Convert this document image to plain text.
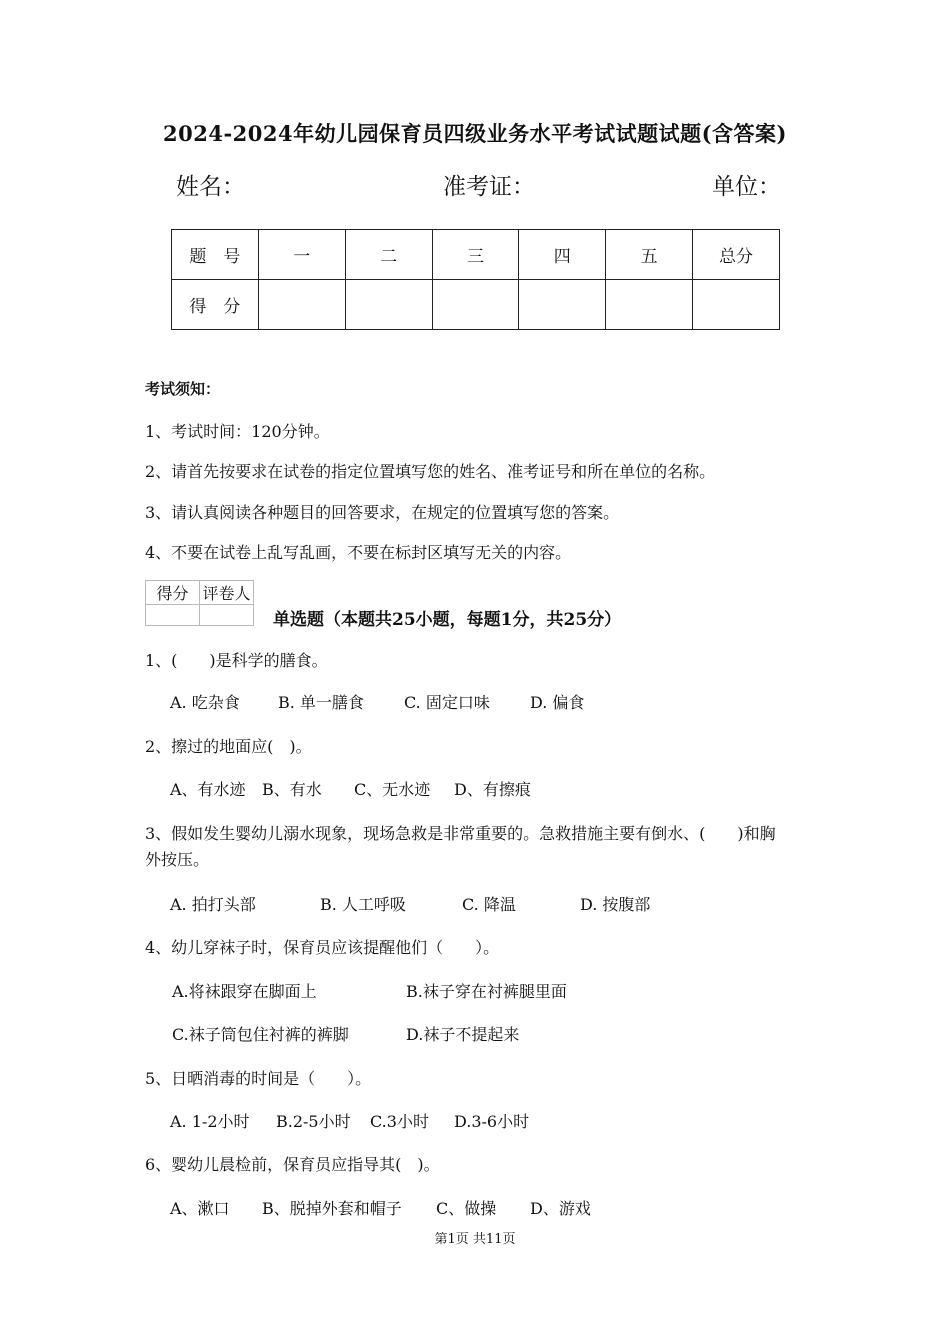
2024-2024年幼儿园保育员四级业务水平考试试题试题(含答案)
姓名：	准考证：	单位：
题　号	一	二	三	四	五	总分
得　分						
考试须知：
1、考试时间：120分钟。
2、请首先按要求在试卷的指定位置填写您的姓名、准考证号和所在单位的名称。
3、请认真阅读各种题目的回答要求，在规定的位置填写您的答案。
4、不要在试卷上乱写乱画，不要在标封区填写无关的内容。
得分	评卷人

单选题（本题共25小题，每题1分，共25分）
1、(　　)是科学的膳食。
A. 吃杂食 B. 单一膳食	C. 固定口味	D. 偏食
2、擦过的地面应(　)。
A、有水迹 B、有水 C、无水迹 D、有擦痕
3、假如发生婴幼儿溺水现象，现场急救是非常重要的。急救措施主要有倒水、(　　)和胸
外按压。
A. 拍打头部	B. 人工呼吸	C. 降温	D. 按腹部
4、幼儿穿袜子时，保育员应该提醒他们（　　）。
A.将袜跟穿在脚面上	B.袜子穿在衬裤腿里面
C.袜子筒包住衬裤的裤脚	D.袜子不提起来
5、日晒消毒的时间是（　　）。
A. 1-2小时 B.2-5小时 C.3小时 D.3-6小时
6、婴幼儿晨检前，保育员应指导其(　)。
A、漱口 B、脱掉外套和帽子 C、做操 D、游戏
第1页 共11页
